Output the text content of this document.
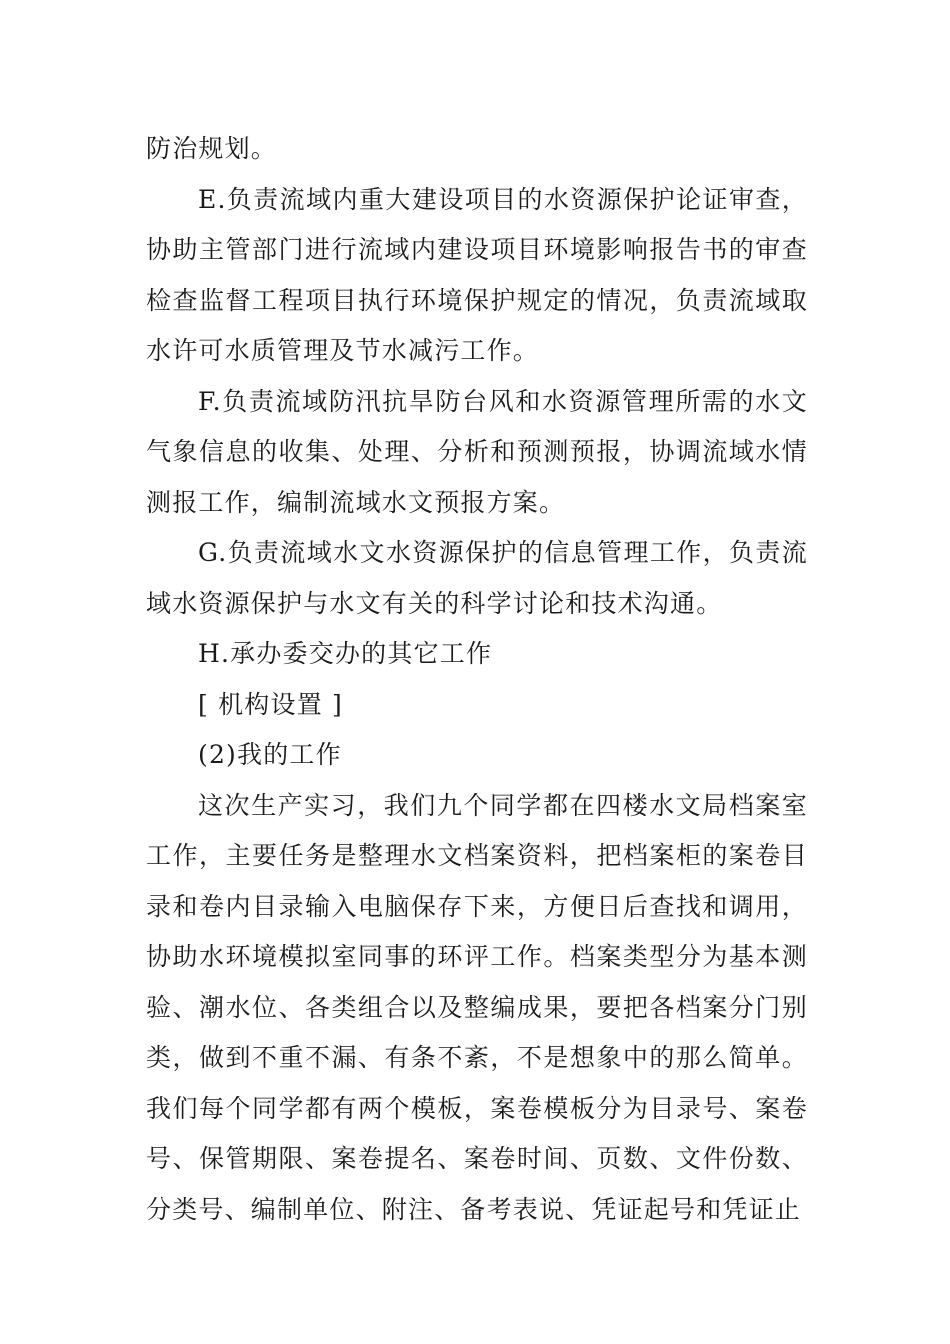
防治规划。

E.负责流域内重大建设项目的水资源保护论证审查，协助主管部门进行流域内建设项目环境影响报告书的审查检查监督工程项目执行环境保护规定的情况，负责流域取水许可水质管理及节水减污工作。

F.负责流域防汛抗旱防台风和水资源管理所需的水文气象信息的收集、处理、分析和预测预报，协调流域水情测报工作，编制流域水文预报方案。

G.负责流域水文水资源保护的信息管理工作，负责流域水资源保护与水文有关的科学讨论和技术沟通。

H.承办委交办的其它工作

[ 机构设置 ]

(2)我的工作

这次生产实习，我们九个同学都在四楼水文局档案室工作，主要任务是整理水文档案资料，把档案柜的案卷目录和卷内目录输入电脑保存下来，方便日后查找和调用，协助水环境模拟室同事的环评工作。档案类型分为基本测验、潮水位、各类组合以及整编成果，要把各档案分门别类，做到不重不漏、有条不紊，不是想象中的那么简单。我们每个同学都有两个模板，案卷模板分为目录号、案卷号、保管期限、案卷提名、案卷时间、页数、文件份数、分类号、编制单位、附注、备考表说、凭证起号和凭证止
